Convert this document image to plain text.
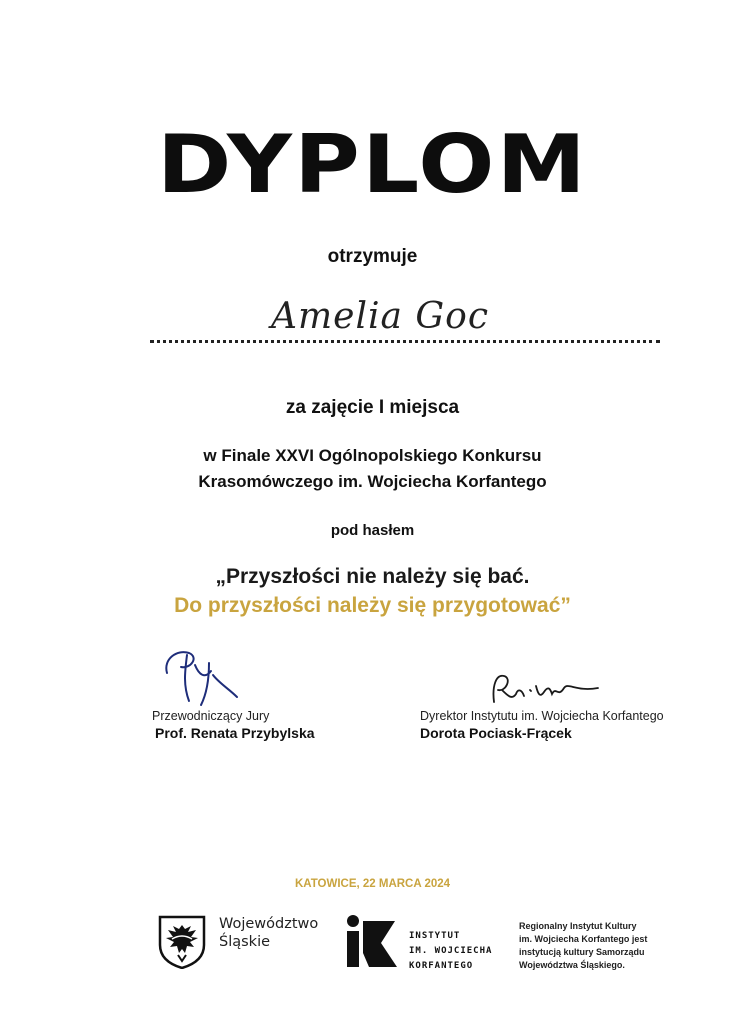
DYPLOM
otrzymuje
Amelia Goc
za zajęcie I miejsca
w Finale XXVI Ogólnopolskiego Konkursu
Krasomówczego im. Wojciecha Korfantego
pod hasłem
„Przyszłości nie należy się bać.
Do przyszłości należy się przygotować”
Przewodniczący Jury
Prof. Renata Przybylska
Dyrektor Instytutu im. Wojciecha Korfantego
Dorota Pociask-Frącek
KATOWICE, 22 MARCA 2024
Województwo
Śląskie	INSTYTUT
IM. WOJCIECHA
KORFANTEGO
Regionalny Instytut Kultury
im. Wojciecha Korfantego jest
instytucją kultury Samorządu
Województwa Śląskiego.
